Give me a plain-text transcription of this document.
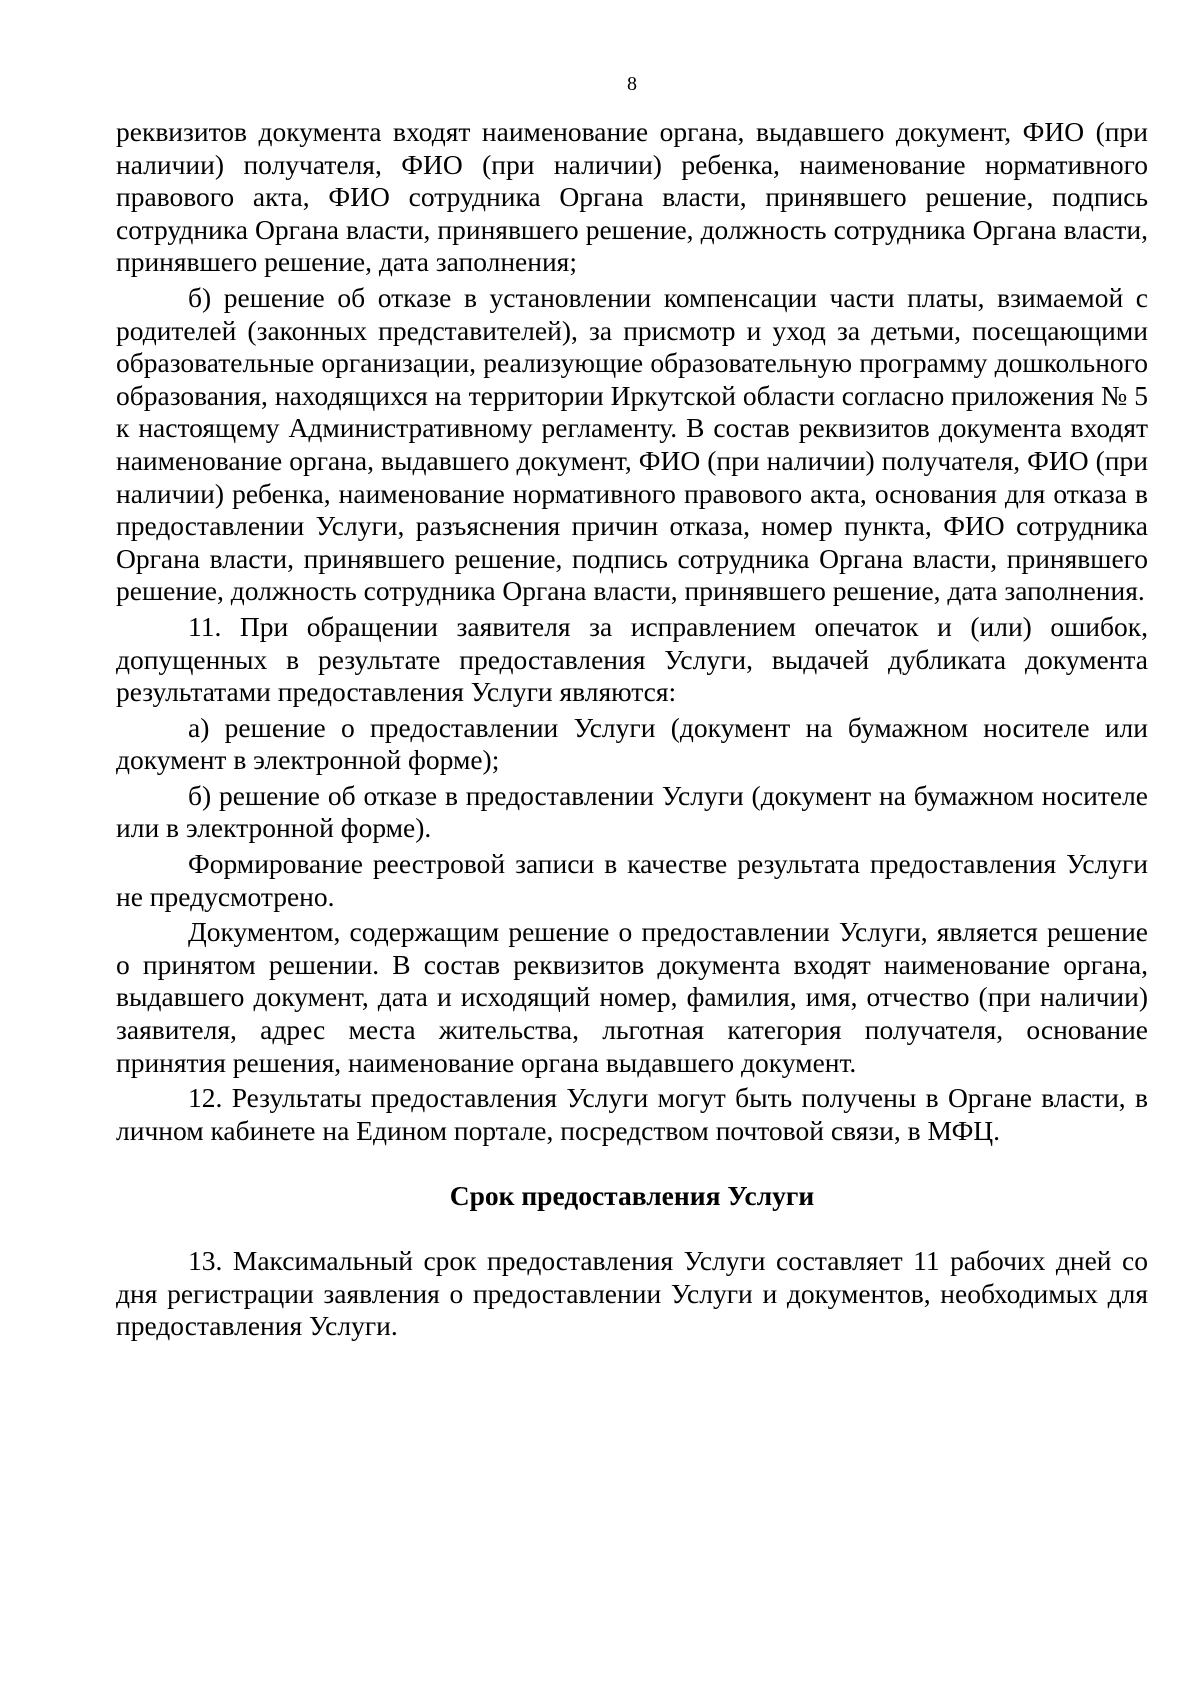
8

реквизитов документа входят наименование органа, выдавшего документ, ФИО (при наличии) получателя, ФИО (при наличии) ребенка, наименование нормативного правового акта, ФИО сотрудника Органа власти, принявшего решение, подпись сотрудника Органа власти, принявшего решение, должность сотрудника Органа власти, принявшего решение, дата заполнения;

б) решение об отказе в установлении компенсации части платы, взимаемой с родителей (законных представителей), за присмотр и уход за детьми, посещающими образовательные организации, реализующие образовательную программу дошкольного образования, находящихся на территории Иркутской области согласно приложения № 5 к настоящему Административному регламенту. В состав реквизитов документа входят наименование органа, выдавшего документ, ФИО (при наличии) получателя, ФИО (при наличии) ребенка, наименование нормативного правового акта, основания для отказа в предоставлении Услуги, разъяснения причин отказа, номер пункта, ФИО сотрудника Органа власти, принявшего решение, подпись сотрудника Органа власти, принявшего решение, должность сотрудника Органа власти, принявшего решение, дата заполнения.

11. При обращении заявителя за исправлением опечаток и (или) ошибок, допущенных в результате предоставления Услуги, выдачей дубликата документа результатами предоставления Услуги являются:

а) решение о предоставлении Услуги (документ на бумажном носителе или документ в электронной форме);

б) решение об отказе в предоставлении Услуги (документ на бумажном носителе или в электронной форме).

Формирование реестровой записи в качестве результата предоставления Услуги не предусмотрено.

Документом, содержащим решение о предоставлении Услуги, является решение о принятом решении. В состав реквизитов документа входят наименование органа, выдавшего документ, дата и исходящий номер, фамилия, имя, отчество (при наличии) заявителя, адрес места жительства, льготная категория получателя, основание принятия решения, наименование органа выдавшего документ.

12. Результаты предоставления Услуги могут быть получены в Органе власти, в личном кабинете на Едином портале, посредством почтовой связи, в МФЦ.

Срок предоставления Услуги

13. Максимальный срок предоставления Услуги составляет 11 рабочих дней со дня регистрации заявления о предоставлении Услуги и документов, необходимых для предоставления Услуги.
